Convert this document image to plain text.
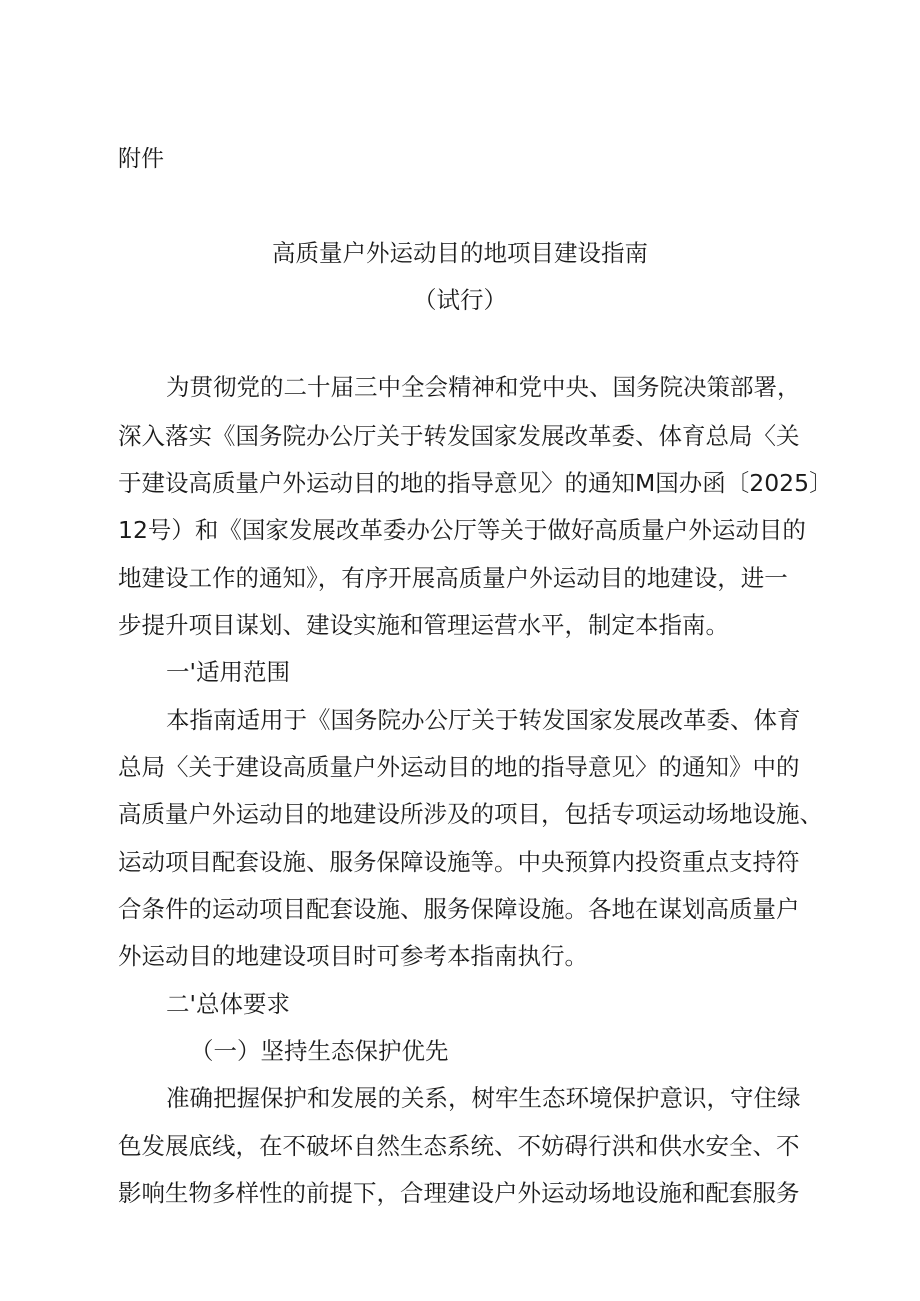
附件

高质量户外运动目的地项目建设指南

（试行）

为贯彻党的二十届三中全会精神和党中央、国务院决策部署，

深入落实《国务院办公厅关于转发国家发展改革委、体育总局〈关

于建设高质量户外运动目的地的指导意见〉的通知M国办函〔2025〕

12号）和《国家发展改革委办公厅等关于做好高质量户外运动目的

地建设工作的通知》，有序开展高质量户外运动目的地建设，进一

步提升项目谋划、建设实施和管理运营水平，制定本指南。

一'适用范围

本指南适用于《国务院办公厅关于转发国家发展改革委、体育

总局〈关于建设高质量户外运动目的地的指导意见〉的通知》中的

高质量户外运动目的地建设所涉及的项目，包括专项运动场地设施、

运动项目配套设施、服务保障设施等。中央预算内投资重点支持符

合条件的运动项目配套设施、服务保障设施。各地在谋划高质量户

外运动目的地建设项目时可参考本指南执行。

二'总体要求

（一）坚持生态保护优先

准确把握保护和发展的关系，树牢生态环境保护意识，守住绿

色发展底线，在不破坏自然生态系统、不妨碍行洪和供水安全、不

影响生物多样性的前提下，合理建设户外运动场地设施和配套服务
